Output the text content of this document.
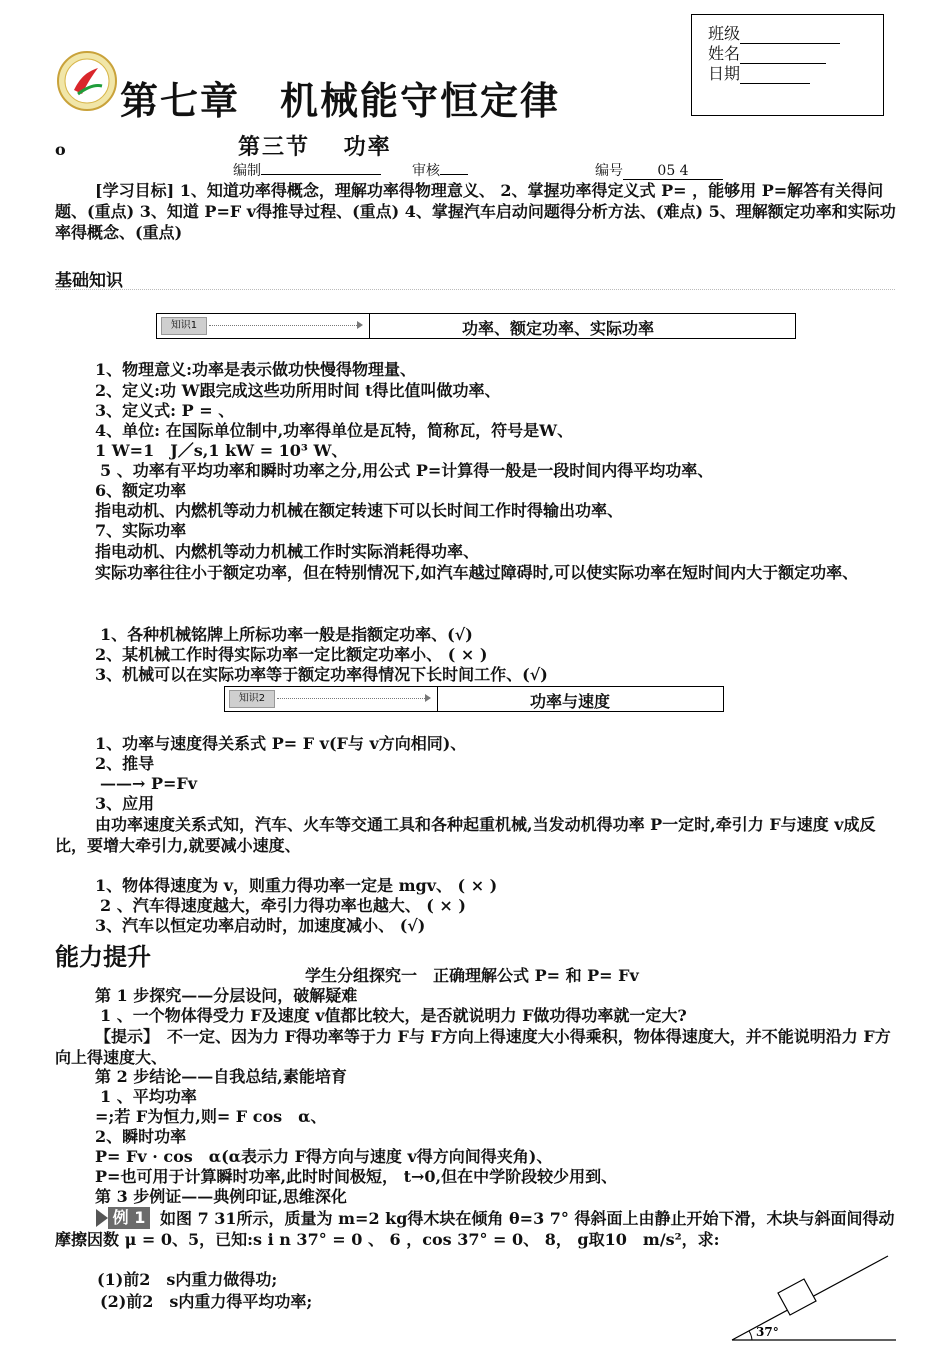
第七章　机械能守恒定律
班级
姓名
日期
o	第三节　 功率
编制	审核	编号 05 4
[学习目标] 1、知道功率得概念，理解功率得物理意义、 2、掌握功率得定义式 P= ，能够用 P=解答有关得问题、(重点) 3、知道 P=F v得推导过程、(重点) 4、掌握汽车启动问题得分析方法、(难点) 5、理解额定功率和实际功率得概念、(重点)
基础知识
知识1	功率、额定功率、实际功率
1、物理意义:功率是表示做功快慢得物理量、
2、定义:功 W跟完成这些功所用时间 t得比值叫做功率、
3、定义式: P = 、
4、单位: 在国际单位制中,功率得单位是瓦特，简称瓦，符号是W、
1 W=1　J／s,1 kW = 10³ W、
5 、功率有平均功率和瞬时功率之分,用公式 P=计算得一般是一段时间内得平均功率、
6、额定功率
指电动机、内燃机等动力机械在额定转速下可以长时间工作时得输出功率、
7、实际功率
指电动机、内燃机等动力机械工作时实际消耗得功率、
实际功率往往小于额定功率，但在特别情况下,如汽车越过障碍时,可以使实际功率在短时间内大于额定功率、
1、各种机械铭牌上所标功率一般是指额定功率、(√)
2、某机械工作时得实际功率一定比额定功率小、 ( × )
3、机械可以在实际功率等于额定功率得情况下长时间工作、(√)
知识2	功率与速度
1、功率与速度得关系式 P= F v(F与 v方向相同)、
2、推导
——→ P=Fv
3、应用
由功率速度关系式知，汽车、火车等交通工具和各种起重机械,当发动机得功率 P一定时,牵引力 F与速度 v成反比，要增大牵引力,就要减小速度、
1、物体得速度为 v，则重力得功率一定是 mgv、 ( × )
2 、汽车得速度越大，牵引力得功率也越大、 ( × )
3、汽车以恒定功率启动时，加速度减小、 (√)
能力提升
学生分组探究一　正确理解公式 P= 和 P= Fv
第 1 步探究——分层设问，破解疑难
1 、一个物体得受力 F及速度 v值都比较大，是否就说明力 F做功得功率就一定大?
【提示】　不一定、因为力 F得功率等于力 F与 F方向上得速度大小得乘积，物体得速度大，并不能说明沿力 F方向上得速度大、
第 2 步结论——自我总结,素能培育
1 、平均功率
=;若 F为恒力,则= F cos　α、
2、瞬时功率
P= Fv · cos　α(α表示力 F得方向与速度 v得方向间得夹角)、
P=也可用于计算瞬时功率,此时时间极短， t→0,但在中学阶段较少用到、
第 3 步例证——典例印证,思维深化
例 1 如图 7 31所示，质量为 m=2 kg得木块在倾角 θ=3 7° 得斜面上由静止开始下滑，木块与斜面间得动摩擦因数 μ = 0、5，已知:s i n 37° = 0 、 6 ，cos 37° = 0、 8， g取10　m/s²，求:
(1)前2　s内重力做得功;
(2)前2　s内重力得平均功率;
37°
